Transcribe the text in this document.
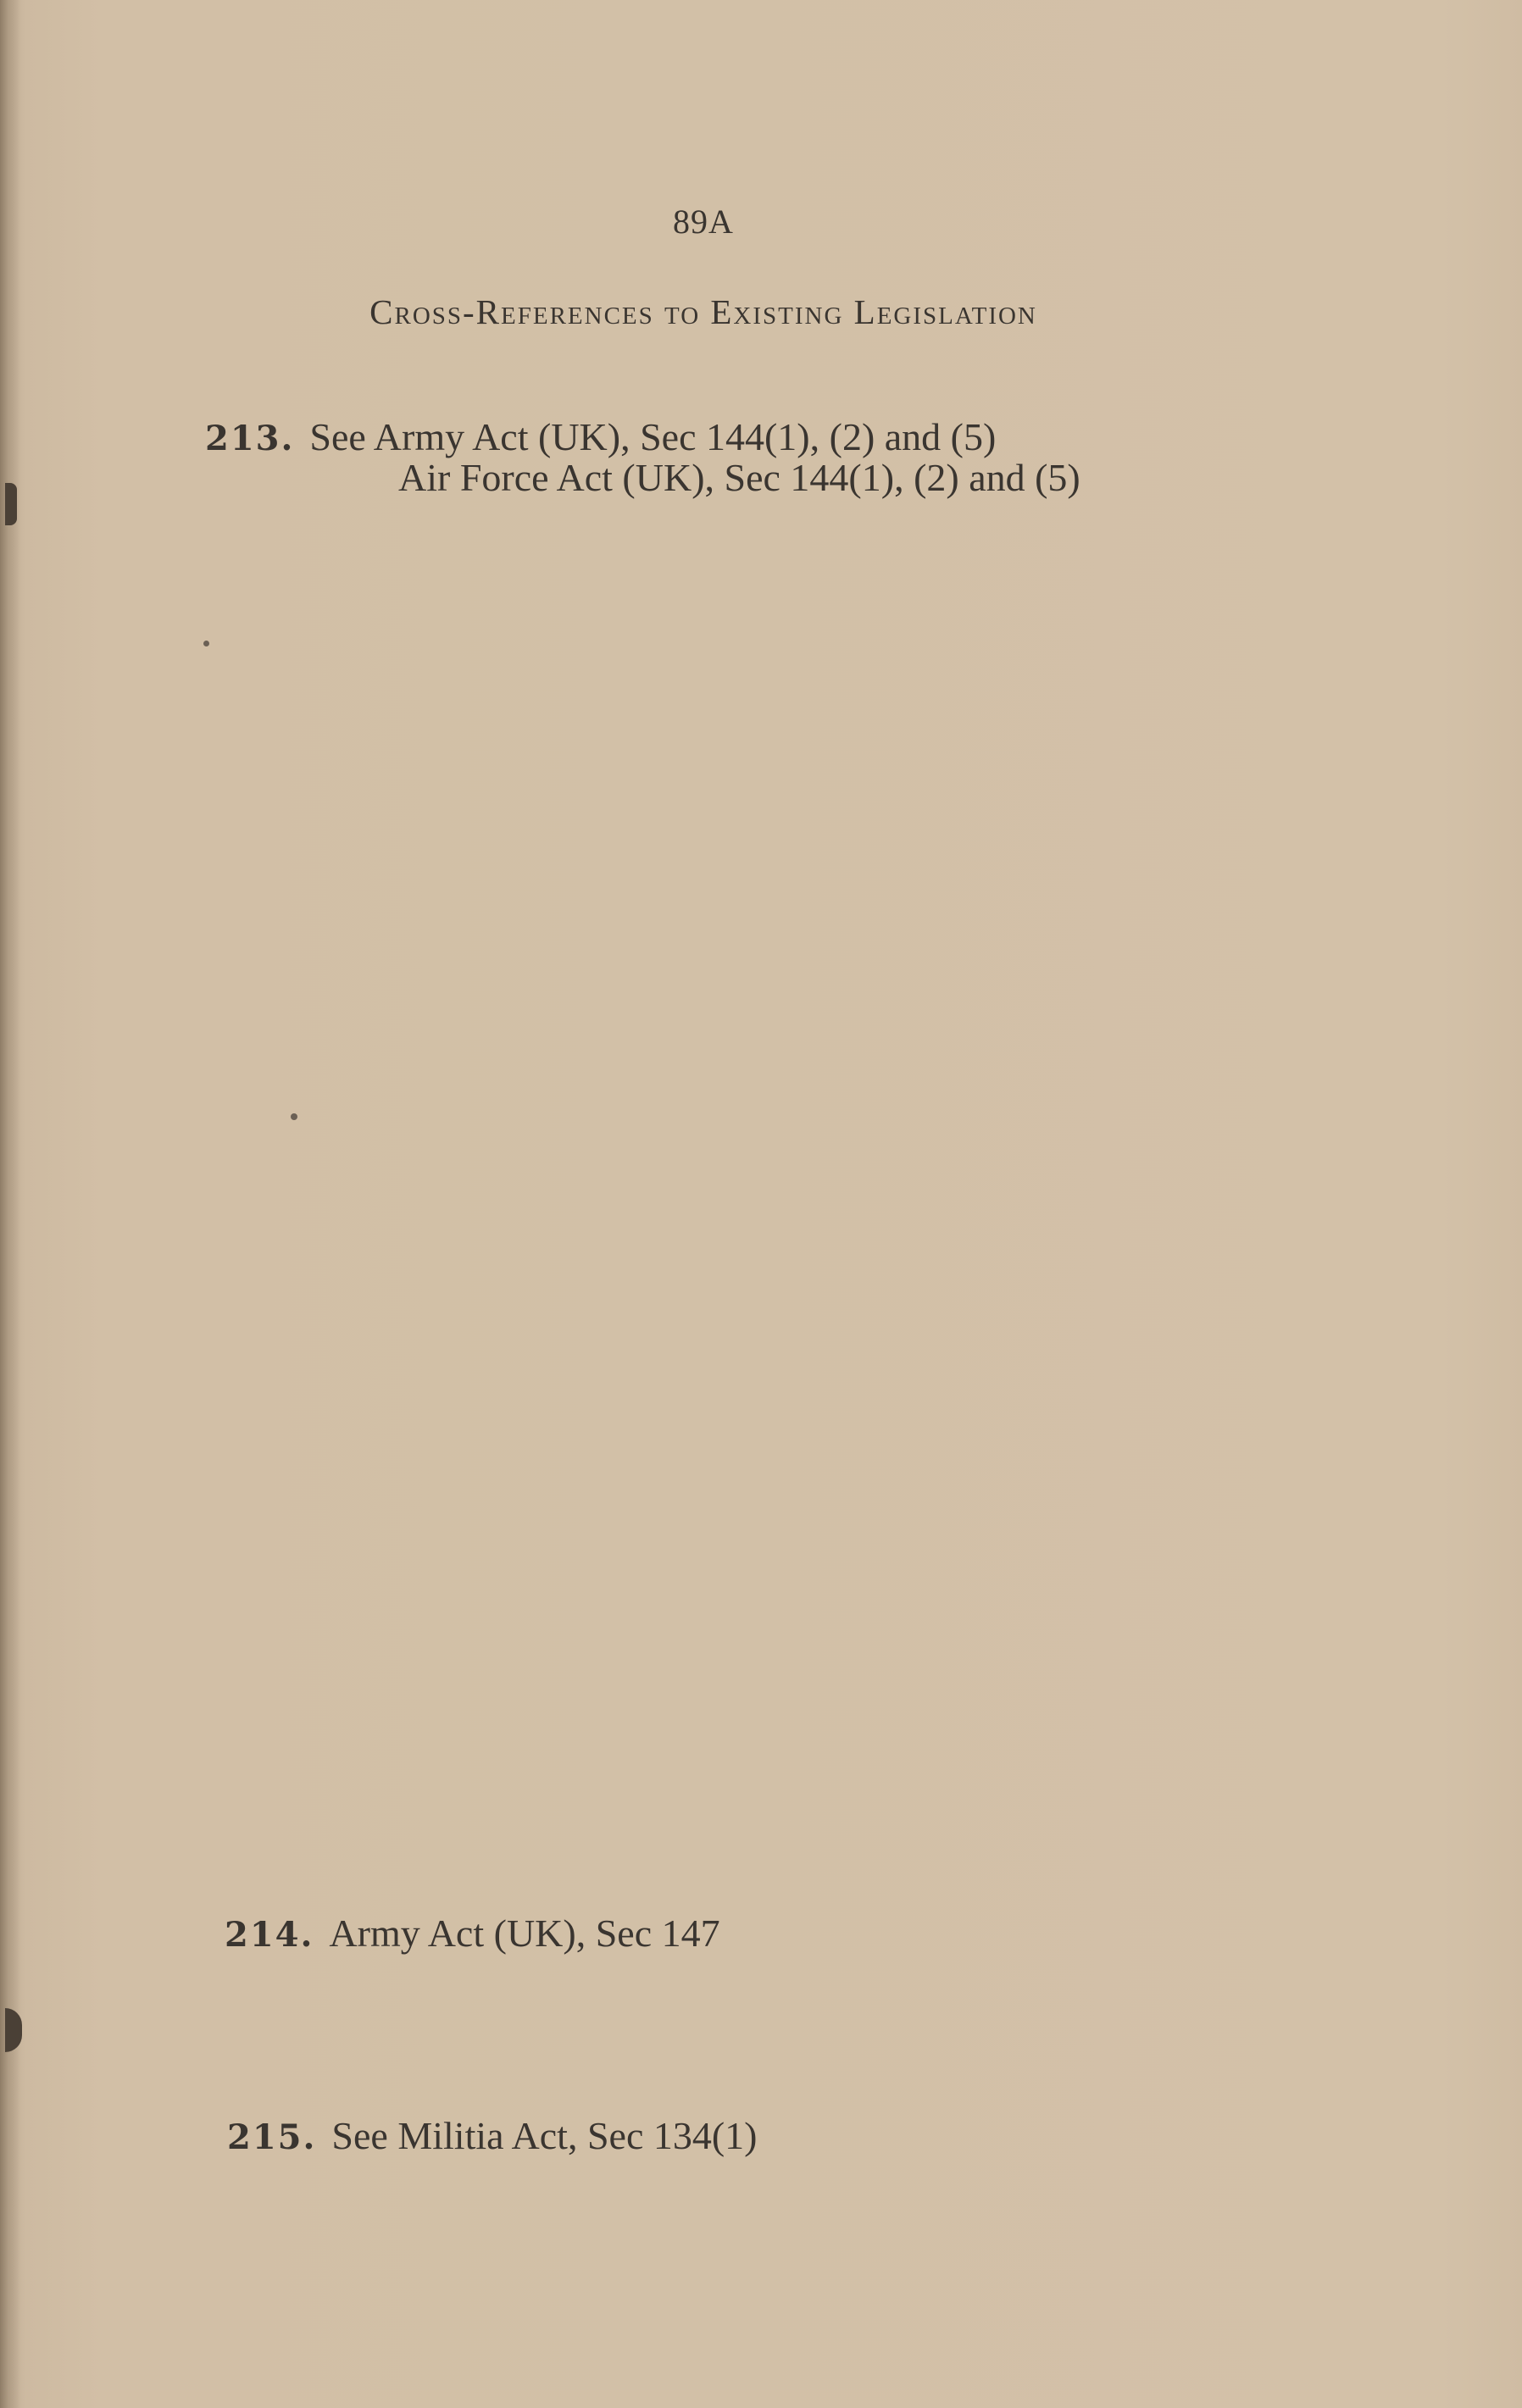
89A
Cross-References to Existing Legislation
213. See Army Act (UK), Sec 144(1), (2) and (5)
Air Force Act (UK), Sec 144(1), (2) and (5)
214. Army Act (UK), Sec 147
215. See Militia Act, Sec 134(1)
